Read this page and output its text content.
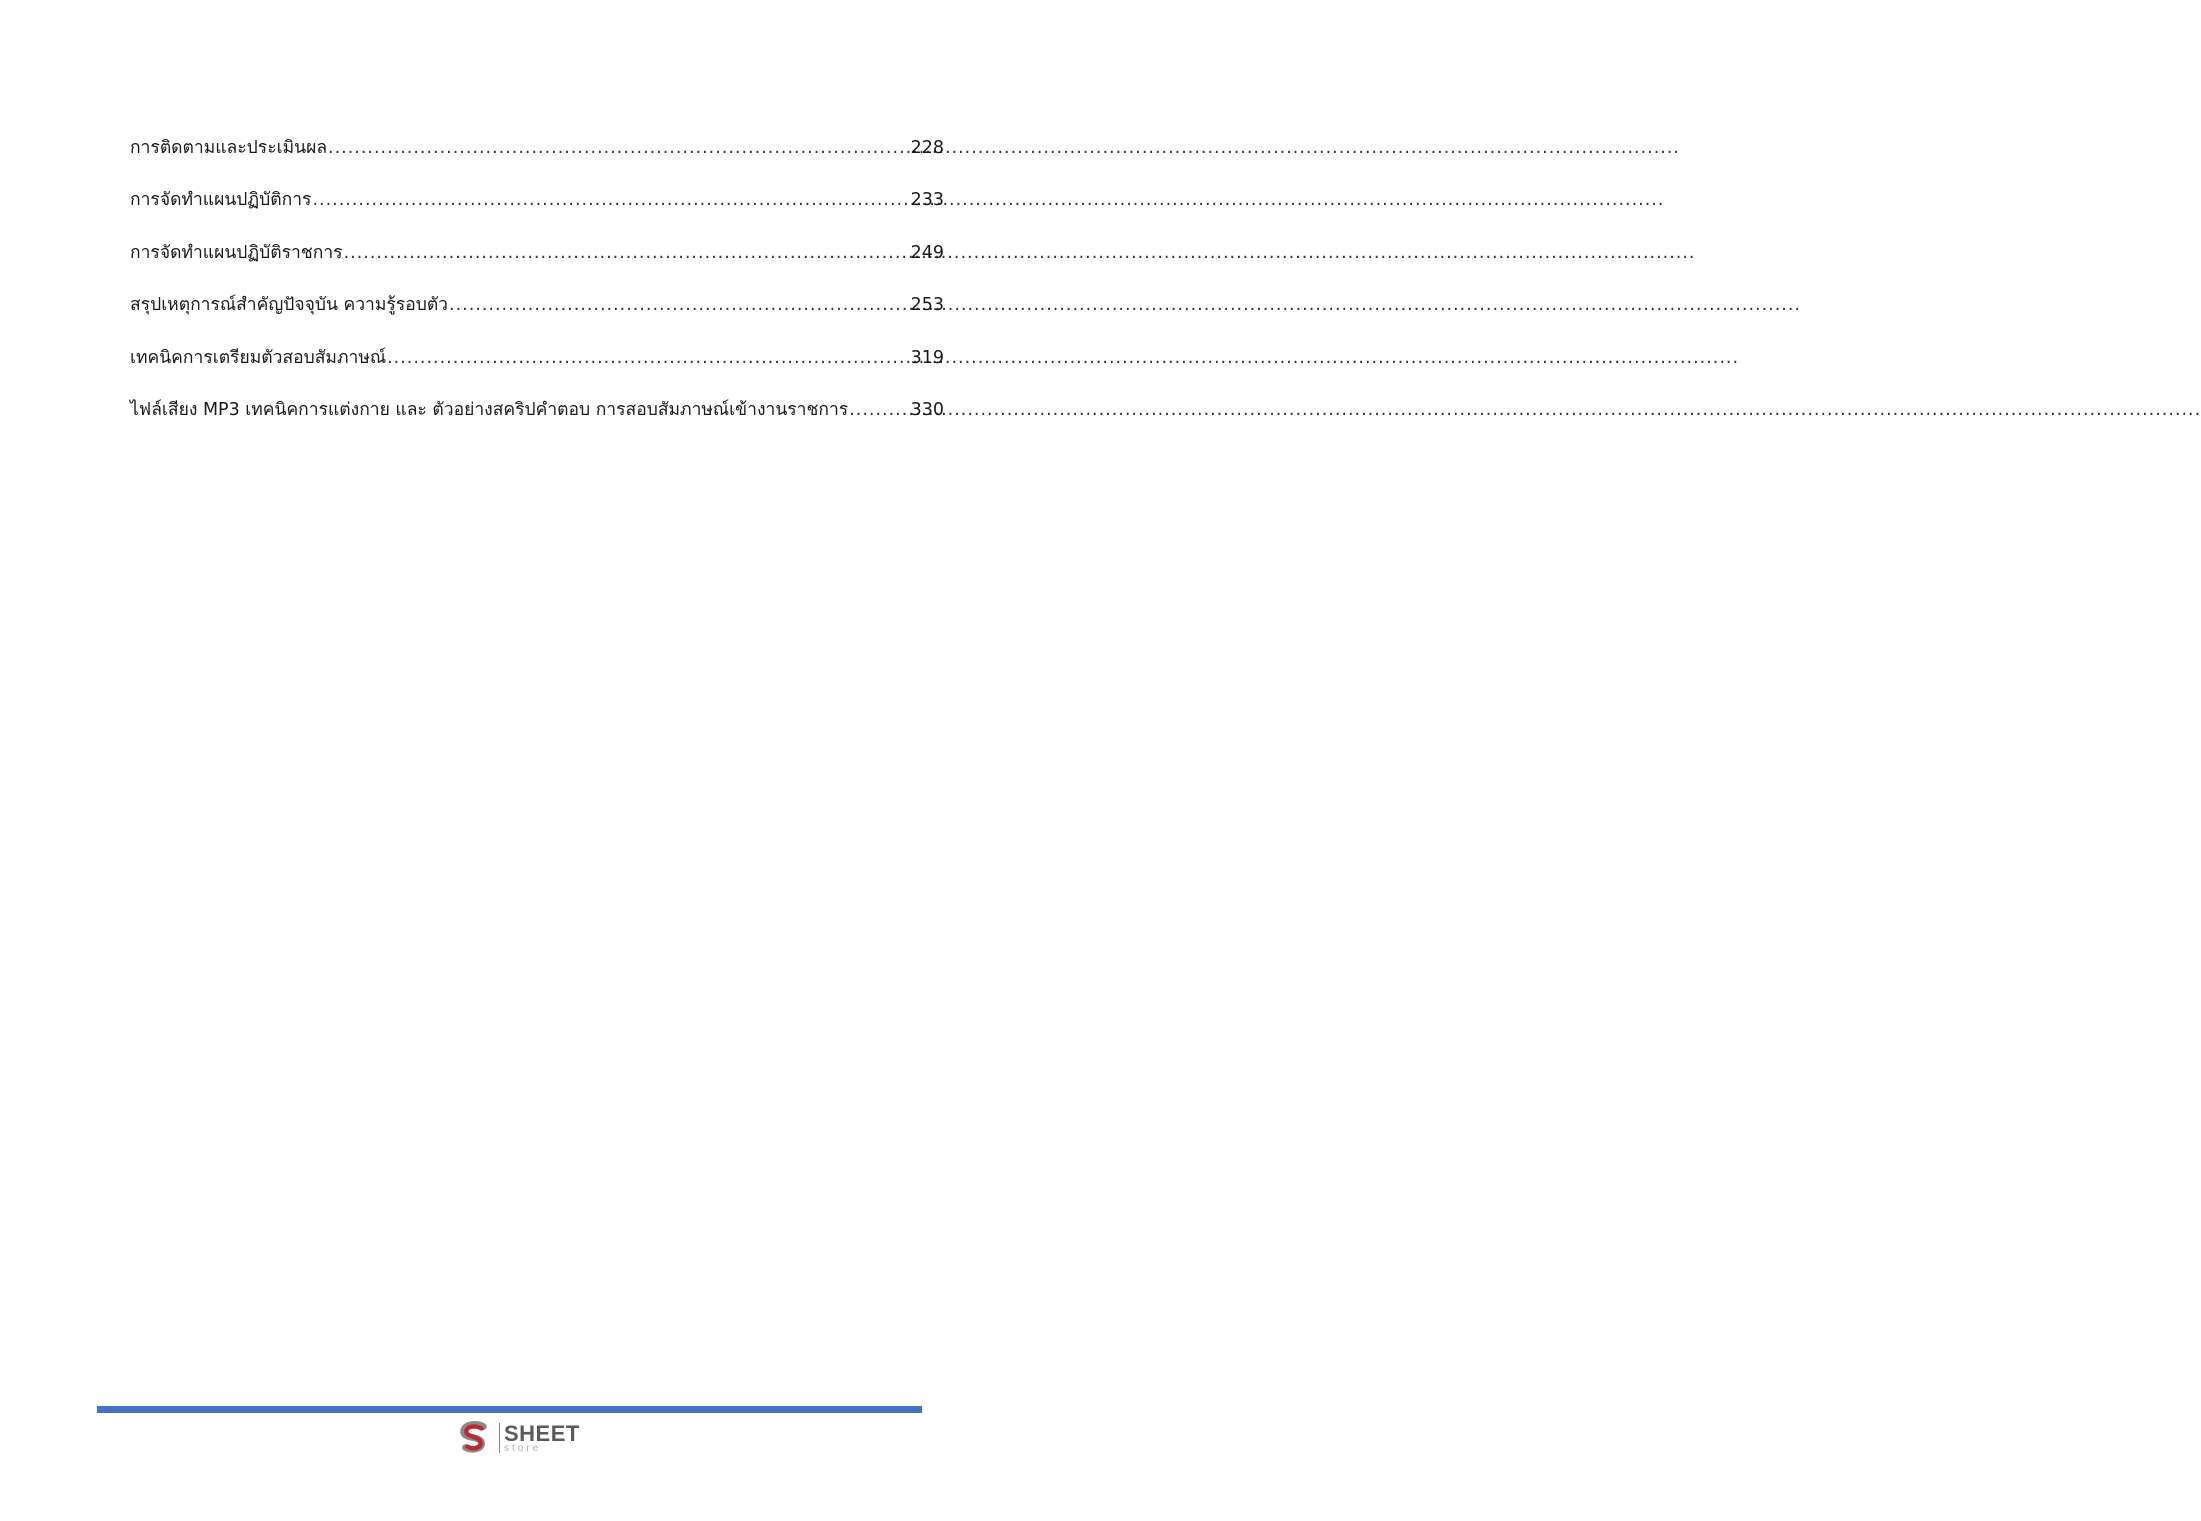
การติดตามและประเมินผล .....	228
การจัดทำแผนปฏิบัติการ .....	233
การจัดทำแผนปฏิบัติราชการ .....	249
สรุปเหตุการณ์สำคัญปัจจุบัน ความรู้รอบตัว .....	253
เทคนิคการเตรียมตัวสอบสัมภาษณ์ .....	319
ไฟล์เสียง MP3 เทคนิคการแต่งกาย และ ตัวอย่างสคริปคำตอบ การสอบสัมภาษณ์เข้างานราชการ .....	330
SHEET
store
